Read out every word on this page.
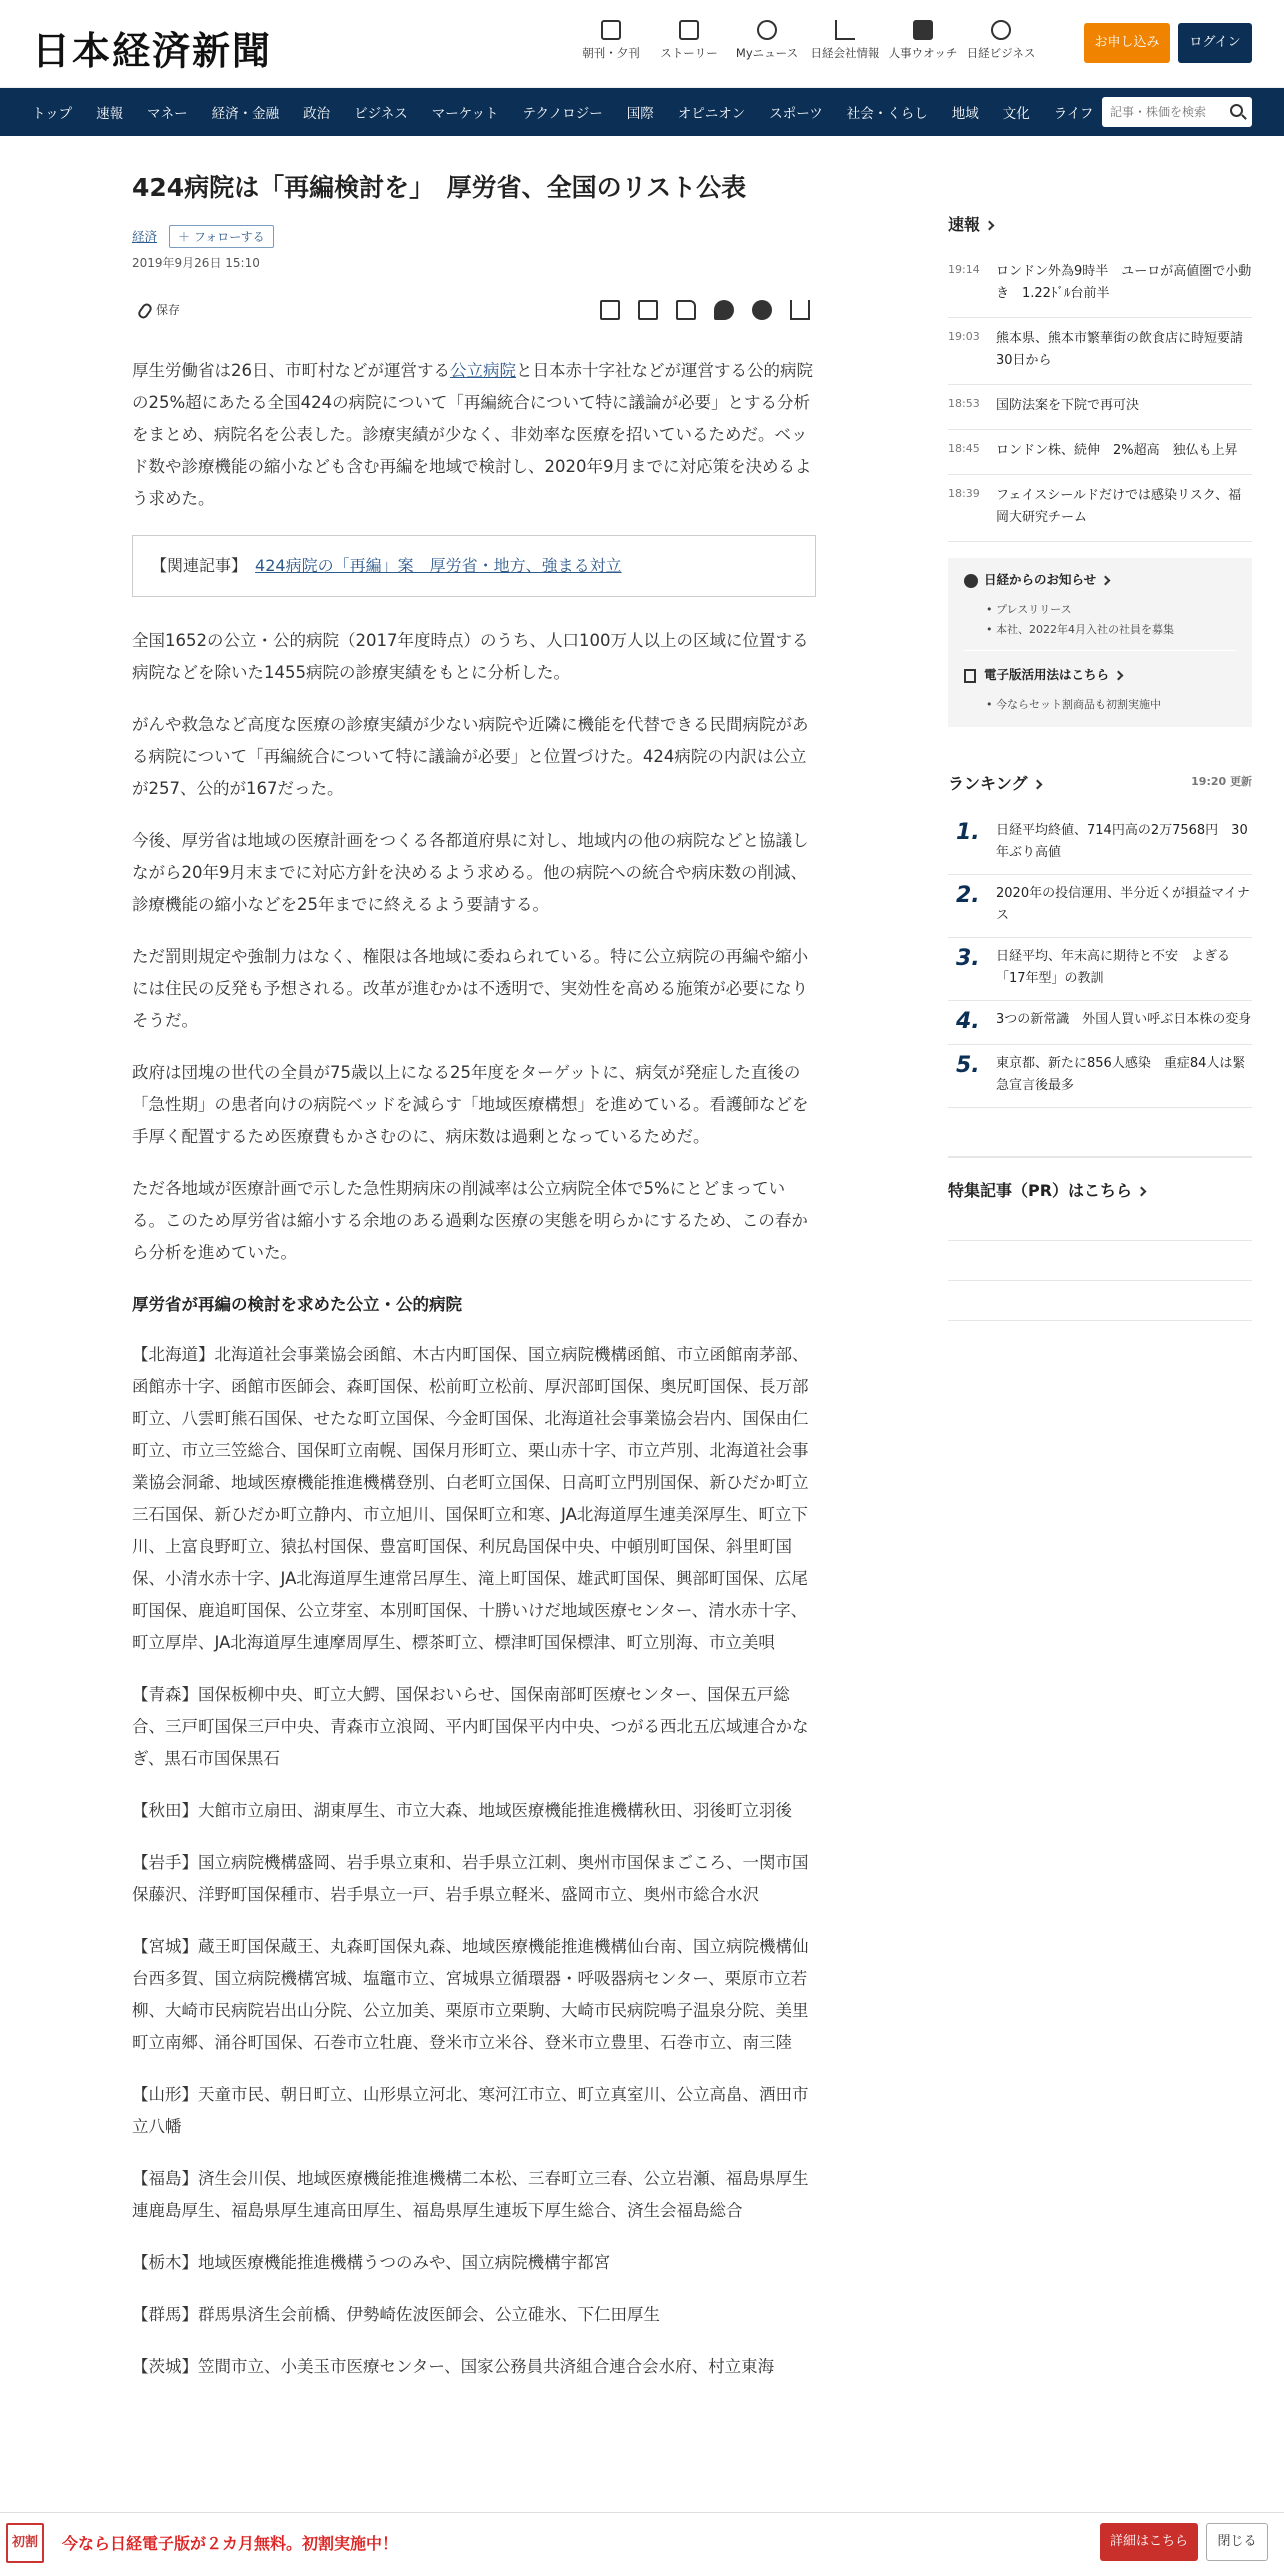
日本経済新聞	朝刊・夕刊	ストーリー	Myニュース	日経会社情報 人事ウオッチ 日経ビジネス
お申し込み	ログイン
トップ 速報 マネー 経済・金融 政治 ビジネス マーケット テクノロジー 国際 オピニオン スポーツ 社会・くらし 地域 文化 ライフ
記事・株価を検索
424病院は「再編検討を」　厚労省、全国のリスト公表
経済	＋ フォローする
2019年9月26日 15:10
保存

厚生労働省は26日、市町村などが運営する公立病院と日本赤十字社などが運営する公的病院の25%超にあたる全国424の病院について「再編統合について特に議論が必要」とする分析をまとめ、病院名を公表した。診療実績が少なく、非効率な医療を招いているためだ。ベッド数や診療機能の縮小なども含む再編を地域で検討し、2020年9月までに対応策を決めるよう求めた。

【関連記事】　 424病院の「再編」案　厚労省・地方、強まる対立

全国1652の公立・公的病院（2017年度時点）のうち、人口100万人以上の区域に位置する病院などを除いた1455病院の診療実績をもとに分析した。

がんや救急など高度な医療の診療実績が少ない病院や近隣に機能を代替できる民間病院がある病院について「再編統合について特に議論が必要」と位置づけた。424病院の内訳は公立が257、公的が167だった。

今後、厚労省は地域の医療計画をつくる各都道府県に対し、地域内の他の病院などと協議しながら20年9月末までに対応方針を決めるよう求める。他の病院への統合や病床数の削減、診療機能の縮小などを25年までに終えるよう要請する。

ただ罰則規定や強制力はなく、権限は各地域に委ねられている。特に公立病院の再編や縮小には住民の反発も予想される。改革が進むかは不透明で、実効性を高める施策が必要になりそうだ。

政府は団塊の世代の全員が75歳以上になる25年度をターゲットに、病気が発症した直後の「急性期」の患者向けの病院ベッドを減らす「地域医療構想」を進めている。看護師などを手厚く配置するため医療費もかさむのに、病床数は過剰となっているためだ。

ただ各地域が医療計画で示した急性期病床の削減率は公立病院全体で5%にとどまっている。このため厚労省は縮小する余地のある過剰な医療の実態を明らかにするため、この春から分析を進めていた。

厚労省が再編の検討を求めた公立・公的病院

【北海道】北海道社会事業協会函館、木古内町国保、国立病院機構函館、市立函館南茅部、函館赤十字、函館市医師会、森町国保、松前町立松前、厚沢部町国保、奥尻町国保、長万部町立、八雲町熊石国保、せたな町立国保、今金町国保、北海道社会事業協会岩内、国保由仁町立、市立三笠総合、国保町立南幌、国保月形町立、栗山赤十字、市立芦別、北海道社会事業協会洞爺、地域医療機能推進機構登別、白老町立国保、日高町立門別国保、新ひだか町立三石国保、新ひだか町立静内、市立旭川、国保町立和寒、JA北海道厚生連美深厚生、町立下川、上富良野町立、猿払村国保、豊富町国保、利尻島国保中央、中頓別町国保、斜里町国保、小清水赤十字、JA北海道厚生連常呂厚生、滝上町国保、雄武町国保、興部町国保、広尾町国保、鹿追町国保、公立芽室、本別町国保、十勝いけだ地域医療センター、清水赤十字、町立厚岸、JA北海道厚生連摩周厚生、標茶町立、標津町国保標津、町立別海、市立美唄

【青森】国保板柳中央、町立大鰐、国保おいらせ、国保南部町医療センター、国保五戸総合、三戸町国保三戸中央、青森市立浪岡、平内町国保平内中央、つがる西北五広域連合かなぎ、黒石市国保黒石

【秋田】大館市立扇田、湖東厚生、市立大森、地域医療機能推進機構秋田、羽後町立羽後

【岩手】国立病院機構盛岡、岩手県立東和、岩手県立江刺、奥州市国保まごころ、一関市国保藤沢、洋野町国保種市、岩手県立一戸、岩手県立軽米、盛岡市立、奥州市総合水沢

【宮城】蔵王町国保蔵王、丸森町国保丸森、地域医療機能推進機構仙台南、国立病院機構仙台西多賀、国立病院機構宮城、塩竈市立、宮城県立循環器・呼吸器病センター、栗原市立若柳、大崎市民病院岩出山分院、公立加美、栗原市立栗駒、大崎市民病院鳴子温泉分院、美里町立南郷、涌谷町国保、石巻市立牡鹿、登米市立米谷、登米市立豊里、石巻市立、南三陸

【山形】天童市民、朝日町立、山形県立河北、寒河江市立、町立真室川、公立高畠、酒田市立八幡

【福島】済生会川俣、地域医療機能推進機構二本松、三春町立三春、公立岩瀬、福島県厚生連鹿島厚生、福島県厚生連高田厚生、福島県厚生連坂下厚生総合、済生会福島総合

【栃木】地域医療機能推進機構うつのみや、国立病院機構宇都宮

【群馬】群馬県済生会前橋、伊勢崎佐波医師会、公立碓氷、下仁田厚生

【茨城】笠間市立、小美玉市医療センター、国家公務員共済組合連合会水府、村立東海

速報
19:14	ロンドン外為9時半　ユーロが高値圏で小動き　1.22ﾄﾞﾙ台前半
19:03	熊本県、熊本市繁華街の飲食店に時短要請　30日から
18:53	国防法案を下院で再可決
18:45	ロンドン株、続伸　2%超高　独仏も上昇
18:39	フェイスシールドだけでは感染リスク、福岡大研究チーム
日経からのお知らせ
• プレスリリース
• 本社、2022年4月入社の社員を募集
電子版活用法はこちら
• 今ならセット割商品も初割実施中
ランキング	19:20 更新
1.	日経平均終値、714円高の2万7568円　30年ぶり高値
2.	2020年の投信運用、半分近くが損益マイナス
3.	日経平均、年末高に期待と不安　よぎる「17年型」の教訓
4.	3つの新常識　外国人買い呼ぶ日本株の変身
5.	東京都、新たに856人感染　重症84人は緊急宣言後最多
特集記事（PR）はこちら
初割	今なら日経電子版が２カ月無料。初割実施中！	詳細はこちら	閉じる
